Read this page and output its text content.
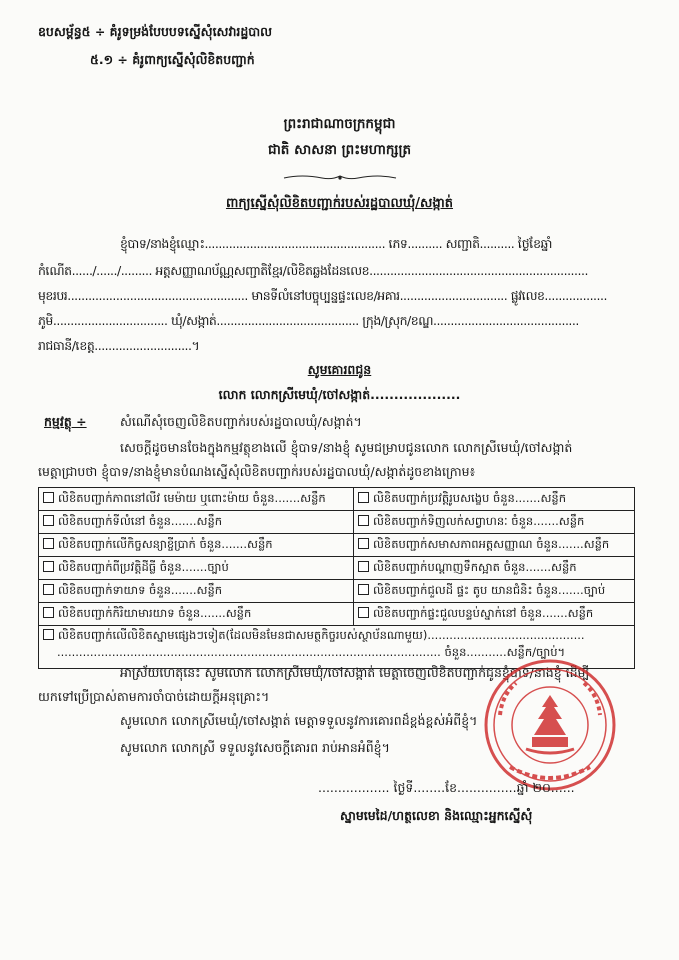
ឧបសម្ព័ន្ធ៥ ÷ គំរូទម្រង់បែបបទស្នើសុំសេវារដ្ឋបាល
៥.១ ÷ គំរូពាក្យស្នើសុំលិខិតបញ្ជាក់
ព្រះរាជាណាចក្រកម្ពុជា
ជាតិ សាសនា ព្រះមហាក្សត្រ
ពាក្យស្នើសុំលិខិតបញ្ជាក់របស់រដ្ឋបាលឃុំ/សង្កាត់
ខ្ញុំបាទ/នាងខ្ញុំឈ្មោះ.................................................... ភេទ.......... សញ្ជាតិ.......... ថ្ងៃខែឆ្នាំ
កំណើត....../....../......... អត្តសញ្ញាណប័ណ្ណសញ្ជាតិខ្មែរ/លិខិតឆ្លងដែនលេខ...............................................................
មុខរបរ.................................................... មានទីលំនៅបច្ចុប្បន្នផ្ទះលេខ/អគារ............................... ផ្លូវលេខ..................
ភូមិ................................. ឃុំ/សង្កាត់......................................... ក្រុង/ស្រុក/ខណ្ឌ..........................................
រាជធានី/ខេត្ត............................។
សូមគោរពជូន
លោក លោកស្រីមេឃុំ/ចៅសង្កាត់...................
កម្មវត្ថុ ÷	សំណើសុំចេញលិខិតបញ្ជាក់របស់រដ្ឋបាលឃុំ/សង្កាត់។
សេចក្តីដូចមានចែងក្នុងកម្មវត្ថុខាងលើ ខ្ញុំបាទ/នាងខ្ញុំ សូមជម្រាបជូនលោក លោកស្រីមេឃុំ/ចៅសង្កាត់
មេត្តាជ្រាបថា ខ្ញុំបាទ/នាងខ្ញុំមានបំណងស្នើសុំលិខិតបញ្ជាក់របស់រដ្ឋបាលឃុំ/សង្កាត់ដូចខាងក្រោម៖
លិខិតបញ្ជាក់ភាពនៅលីវ មេម៉ាយ ឬពោះម៉ាយ ចំនួន.......សន្លឹក	លិខិតបញ្ជាក់ប្រវត្តិរូបសង្ខេប ចំនួន.......សន្លឹក
លិខិតបញ្ជាក់ទីលំនៅ ចំនួន.......សន្លឹក	លិខិតបញ្ជាក់ទិញលក់សព្វាហនៈ ចំនួន.......សន្លឹក
លិខិតបញ្ជាក់លើកិច្ចសន្យាខ្ចីប្រាក់ ចំនួន.......សន្លឹក	លិខិតបញ្ជាក់សមាសភាពអត្តសញ្ញាណ ចំនួន.......សន្លឹក
លិខិតបញ្ជាក់ពីប្រវត្តិដីធ្លី ចំនួន.......ច្បាប់	លិខិតបញ្ជាក់បណ្តាញទឹកស្អាត ចំនួន.......សន្លឹក
លិខិតបញ្ជាក់ទាយាទ ចំនួន.......សន្លឹក	លិខិតបញ្ជាក់ជួលដី ផ្ទះ តូប យានជំនិះ ចំនួន.......ច្បាប់
លិខិតបញ្ជាក់កិរិយាមារយាទ ចំនួន.......សន្លឹក	លិខិតបញ្ជាក់ផ្ទះជួលបន្ទប់ស្នាក់នៅ ចំនួន.......សន្លឹក
លិខិតបញ្ជាក់លើលិខិតស្នាមផ្សេងៗទៀត(ដែលមិនមែនជាសមត្ថកិច្ចរបស់ស្ថាប័នណាមួយ)...........................................
......................................................................................................... ចំនួន...........សន្លឹក/ច្បាប់។	
អាស្រ័យហេតុនេះ សូមលោក លោកស្រីមេឃុំ/ចៅសង្កាត់ មេត្តាចេញលិខិតបញ្ជាក់ជូនខ្ញុំបាទ/នាងខ្ញុំ ដើម្បី
យកទៅប្រើប្រាស់តាមការចាំបាច់ដោយក្តីអនុគ្រោះ។
សូមលោក លោកស្រីមេឃុំ/ចៅសង្កាត់ មេត្តាទទួលនូវការគោរពដ៏ខ្ពង់ខ្ពស់អំពីខ្ញុំ។
សូមលោក លោកស្រី ទទួលនូវសេចក្តីគោរព រាប់អានអំពីខ្ញុំ។
.................. ថ្ងៃទី........ខែ...............ឆ្នាំ ២០......
ស្នាមមេដៃ/ហត្ថលេខា និងឈ្មោះអ្នកស្នើសុំ
